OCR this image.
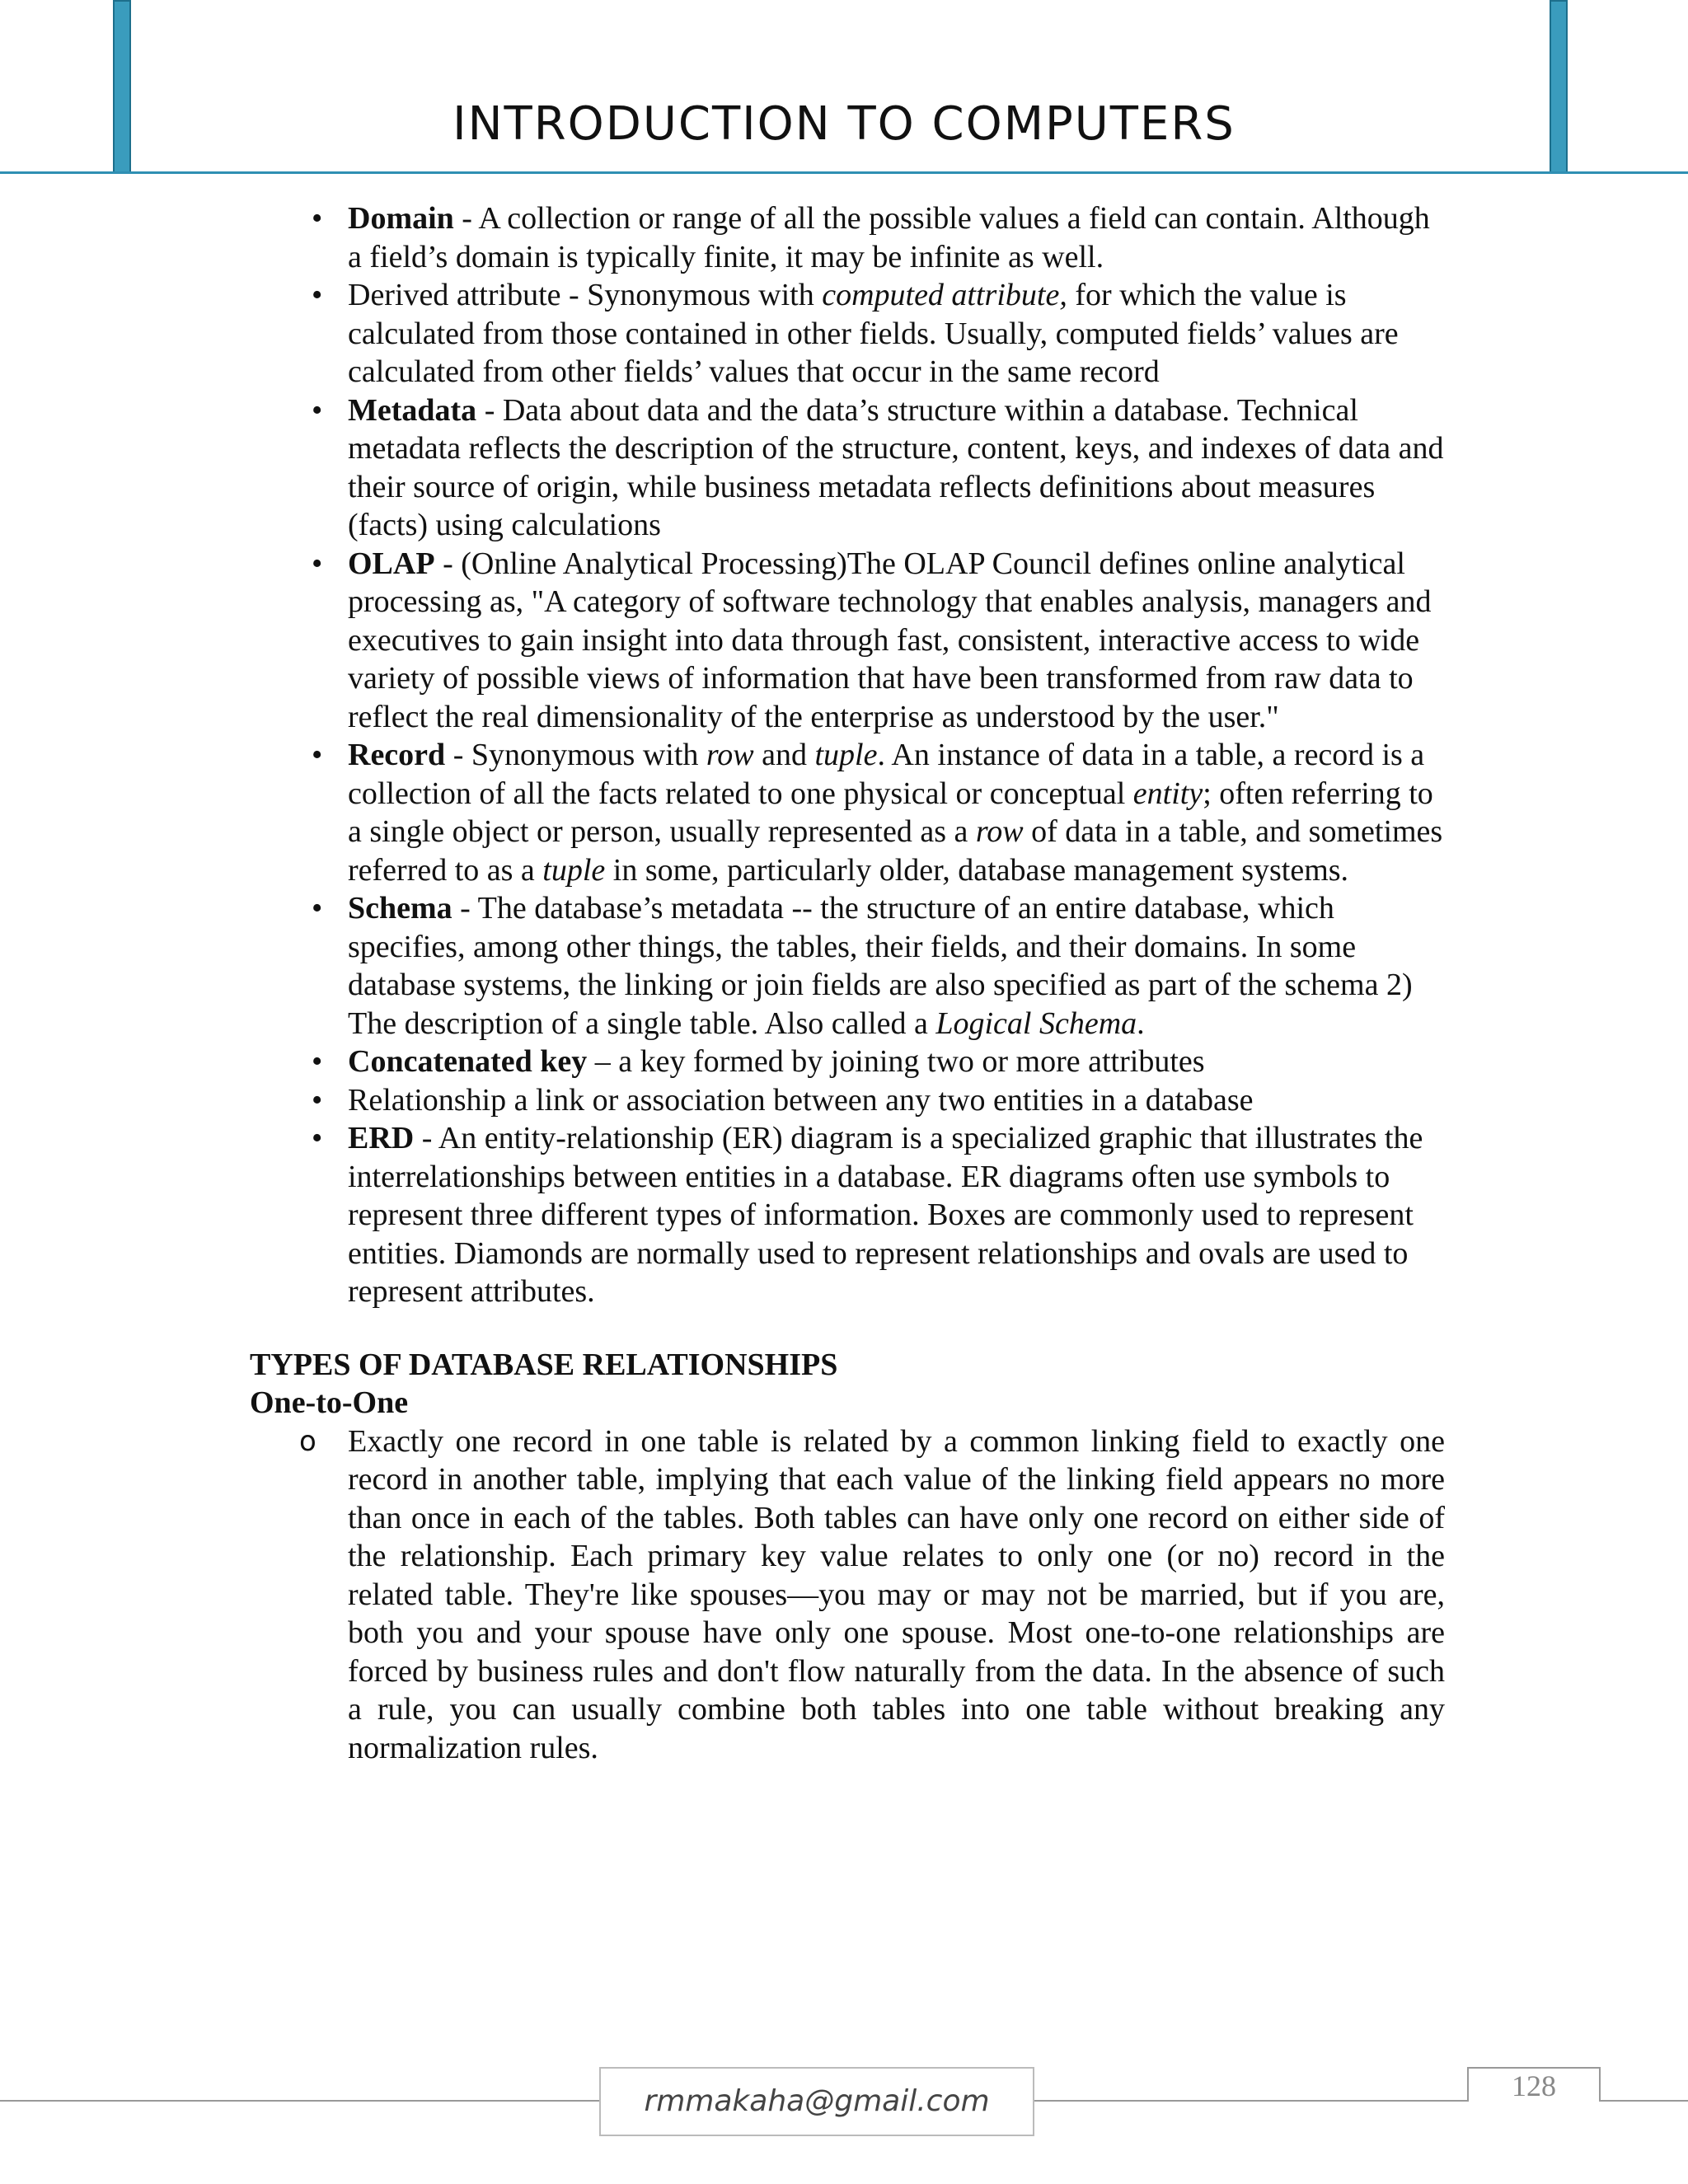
INTRODUCTION TO COMPUTERS
• Domain - A collection or range of all the possible values a field can contain. Although a field’s domain is typically finite, it may be infinite as well.
• Derived attribute - Synonymous with computed attribute, for which the value is calculated from those contained in other fields. Usually, computed fields’ values are calculated from other fields’ values that occur in the same record
• Metadata - Data about data and the data’s structure within a database. Technical metadata reflects the description of the structure, content, keys, and indexes of data and their source of origin, while business metadata reflects definitions about measures (facts) using calculations
• OLAP - (Online Analytical Processing)The OLAP Council defines online analytical processing as, "A category of software technology that enables analysis, managers and executives to gain insight into data through fast, consistent, interactive access to wide variety of possible views of information that have been transformed from raw data to reflect the real dimensionality of the enterprise as understood by the user."
• Record - Synonymous with row and tuple. An instance of data in a table, a record is a collection of all the facts related to one physical or conceptual entity; often referring to a single object or person, usually represented as a row of data in a table, and sometimes referred to as a tuple in some, particularly older, database management systems.
• Schema - The database’s metadata -- the structure of an entire database, which specifies, among other things, the tables, their fields, and their domains. In some database systems, the linking or join fields are also specified as part of the schema 2) The description of a single table. Also called a Logical Schema.
• Concatenated key – a key formed by joining two or more attributes
• Relationship a link or association between any two entities in a database
• ERD - An entity-relationship (ER) diagram is a specialized graphic that illustrates the interrelationships between entities in a database. ER diagrams often use symbols to represent three different types of information. Boxes are commonly used to represent entities. Diamonds are normally used to represent relationships and ovals are used to represent attributes.
TYPES OF DATABASE RELATIONSHIPS
One-to-One
o Exactly one record in one table is related by a common linking field to exactly one record in another table, implying that each value of the linking field appears no more than once in each of the tables. Both tables can have only one record on either side of the relationship. Each primary key value relates to only one (or no) record in the related table. They're like spouses—you may or may not be married, but if you are, both you and your spouse have only one spouse. Most one-to-one relationships are forced by business rules and don't flow naturally from the data. In the absence of such a rule, you can usually combine both tables into one table without breaking any normalization rules.
rmmakaha@gmail.com	128
